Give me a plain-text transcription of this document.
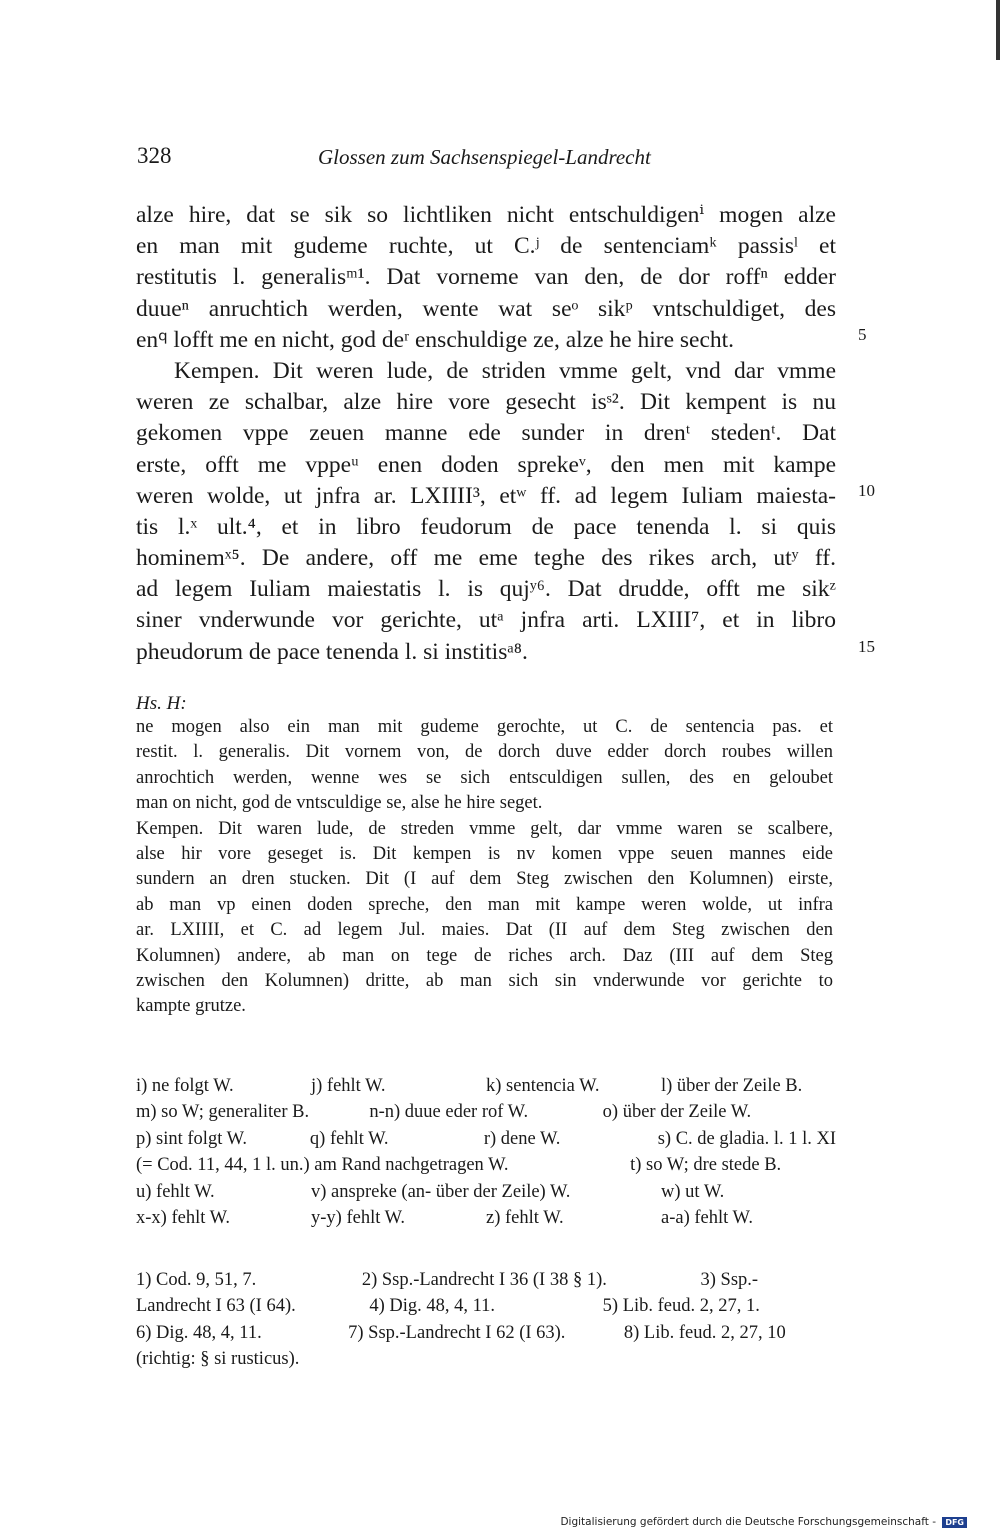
328	Glossen zum Sachsenspiegel-Landrecht
alze hire, dat se sik so lichtliken nicht entschuldigenⁱ mogen alze
en man mit gudeme ruchte, ut C.ʲ de sentenciamᵏ passisˡ et
restitutis l. generalisᵐ¹. Dat vorneme van den, de dor roffⁿ edder
duueⁿ anruchtich werden, wente wat seᵒ sikᵖ vntschuldiget, des
en𐞥 lofft me en nicht, god deʳ enschuldige ze, alze he hire secht.
Kempen. Dit weren lude, de striden vmme gelt, vnd dar vmme
weren ze schalbar, alze hire vore gesecht isˢ². Dit kempent is nu
gekomen vppe zeuen manne ede sunder in drenᵗ stedenᵗ. Dat
erste, offt me vppeᵘ enen doden sprekeᵛ, den men mit kampe
weren wolde, ut jnfra ar. LXIIII³, etʷ ff. ad legem Iuliam maiesta-
tis l.ˣ ult.⁴, et in libro feudorum de pace tenenda l. si quis
hominemˣ⁵. De andere, off me eme teghe des rikes arch, utʸ ff.
ad legem Iuliam maiestatis l. is qujʸ⁶. Dat drudde, offt me sikᶻ
siner vnderwunde vor gerichte, utᵃ jnfra arti. LXIII⁷, et in libro
pheudorum de pace tenenda l. si institisᵃ⁸.
5
10
15
Hs. H:
ne mogen also ein man mit gudeme gerochte, ut C. de sentencia pas. et
restit. l. generalis. Dit vornem von, de dorch duve edder dorch roubes willen
anrochtich werden, wenne wes se sich entsculdigen sullen, des en geloubet
man on nicht, god de vntsculdige se, alse he hire seget.
Kempen. Dit waren lude, de streden vmme gelt, dar vmme waren se scalbere,
alse hir vore geseget is. Dit kempen is nv komen vppe seuen mannes eide
sundern an dren stucken. Dit (I auf dem Steg zwischen den Kolumnen) eirste,
ab man vp einen doden spreche, den man mit kampe weren wolde, ut infra
ar. LXIIII, et C. ad legem Jul. maies. Dat (II auf dem Steg zwischen den
Kolumnen) andere, ab man on tege de riches arch. Daz (III auf dem Steg
zwischen den Kolumnen) dritte, ab man sich sin vnderwunde vor gerichte to
kampte grutze.
i) ne folgt W.	j) fehlt W.	k) sentencia W.	l) über der Zeile B.
m) so W; generaliter B.	n-n) duue eder rof W.	o) über der Zeile W.
p) sint folgt W.	q) fehlt W.	r) dene W.	s) C. de gladia. l. 1 l. XI
(= Cod. 11, 44, 1 l. un.) am Rand nachgetragen W.	t) so W; dre stede B.
u) fehlt W.	v) anspreke (an- über der Zeile) W.	w) ut W.
x-x) fehlt W.	y-y) fehlt W.	z) fehlt W.	a-a) fehlt W.
1) Cod. 9, 51, 7.	2) Ssp.-Landrecht I 36 (I 38 § 1).	3) Ssp.-
Landrecht I 63 (I 64).	4) Dig. 48, 4, 11.	5) Lib. feud. 2, 27, 1.
6) Dig. 48, 4, 11.	7) Ssp.-Landrecht I 62 (I 63).	8) Lib. feud. 2, 27, 10
(richtig: § si rusticus).
Digitalisierung gefördert durch die Deutsche Forschungsgemeinschaft - DFG
